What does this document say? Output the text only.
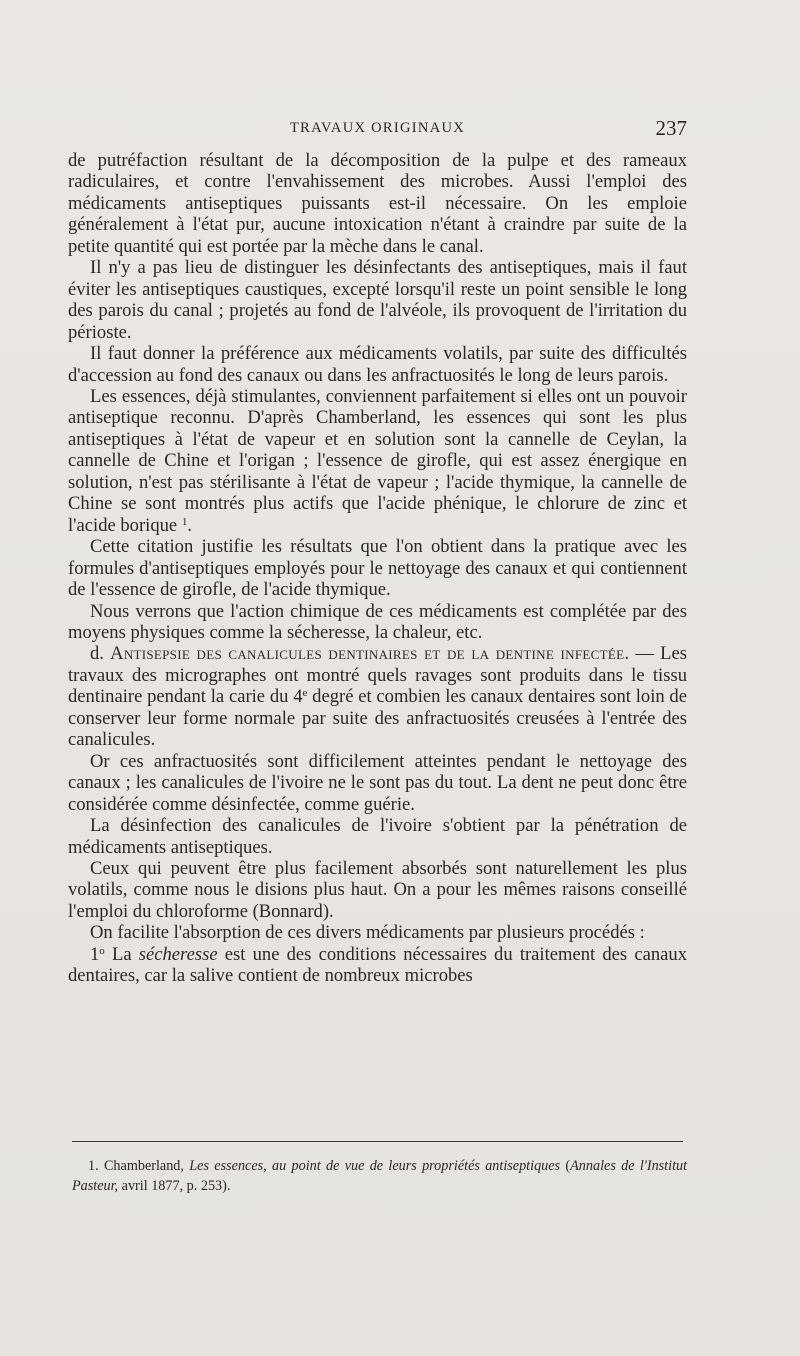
TRAVAUX ORIGINAUX	237

de putréfaction résultant de la décomposition de la pulpe et des rameaux radiculaires, et contre l'envahissement des microbes. Aussi l'emploi des médicaments antiseptiques puissants est-il nécessaire. On les emploie généralement à l'état pur, aucune intoxication n'étant à craindre par suite de la petite quantité qui est portée par la mèche dans le canal.

Il n'y a pas lieu de distinguer les désinfectants des antiseptiques, mais il faut éviter les antiseptiques caustiques, excepté lorsqu'il reste un point sensible le long des parois du canal ; projetés au fond de l'alvéole, ils provoquent de l'irritation du périoste.

Il faut donner la préférence aux médicaments volatils, par suite des difficultés d'accession au fond des canaux ou dans les anfractuosités le long de leurs parois.

Les essences, déjà stimulantes, conviennent parfaitement si elles ont un pouvoir antiseptique reconnu. D'après Chamberland, les essences qui sont les plus antiseptiques à l'état de vapeur et en solution sont la cannelle de Ceylan, la cannelle de Chine et l'origan ; l'essence de girofle, qui est assez énergique en solution, n'est pas stérilisante à l'état de vapeur ; l'acide thymique, la cannelle de Chine se sont montrés plus actifs que l'acide phénique, le chlorure de zinc et l'acide borique $^1$.

Cette citation justifie les résultats que l'on obtient dans la pratique avec les formules d'antiseptiques employés pour le nettoyage des canaux et qui contiennent de l'essence de girofle, de l'acide thymique.

Nous verrons que l'action chimique de ces médicaments est complétée par des moyens physiques comme la sécheresse, la chaleur, etc.

d. Antisepsie des canalicules dentinaires et de la dentine infectée. — Les travaux des micrographes ont montré quels ravages sont produits dans le tissu dentinaire pendant la carie du 4e degré et combien les canaux dentaires sont loin de conserver leur forme normale par suite des anfractuosités creusées à l'entrée des canalicules.

Or ces anfractuosités sont difficilement atteintes pendant le nettoyage des canaux ; les canalicules de l'ivoire ne le sont pas du tout. La dent ne peut donc être considérée comme désinfectée, comme guérie.

La désinfection des canalicules de l'ivoire s'obtient par la pénétration de médicaments antiseptiques.

Ceux qui peuvent être plus facilement absorbés sont naturellement les plus volatils, comme nous le disions plus haut. On a pour les mêmes raisons conseillé l'emploi du chloroforme (Bonnard).

On facilite l'absorption de ces divers médicaments par plusieurs procédés :

1$^o$ La sécheresse est une des conditions nécessaires du traitement des canaux dentaires, car la salive contient de nombreux microbes

1. Chamberland, Les essences, au point de vue de leurs propriétés antiseptiques (Annales de l'Institut Pasteur, avril 1877, p. 253).
